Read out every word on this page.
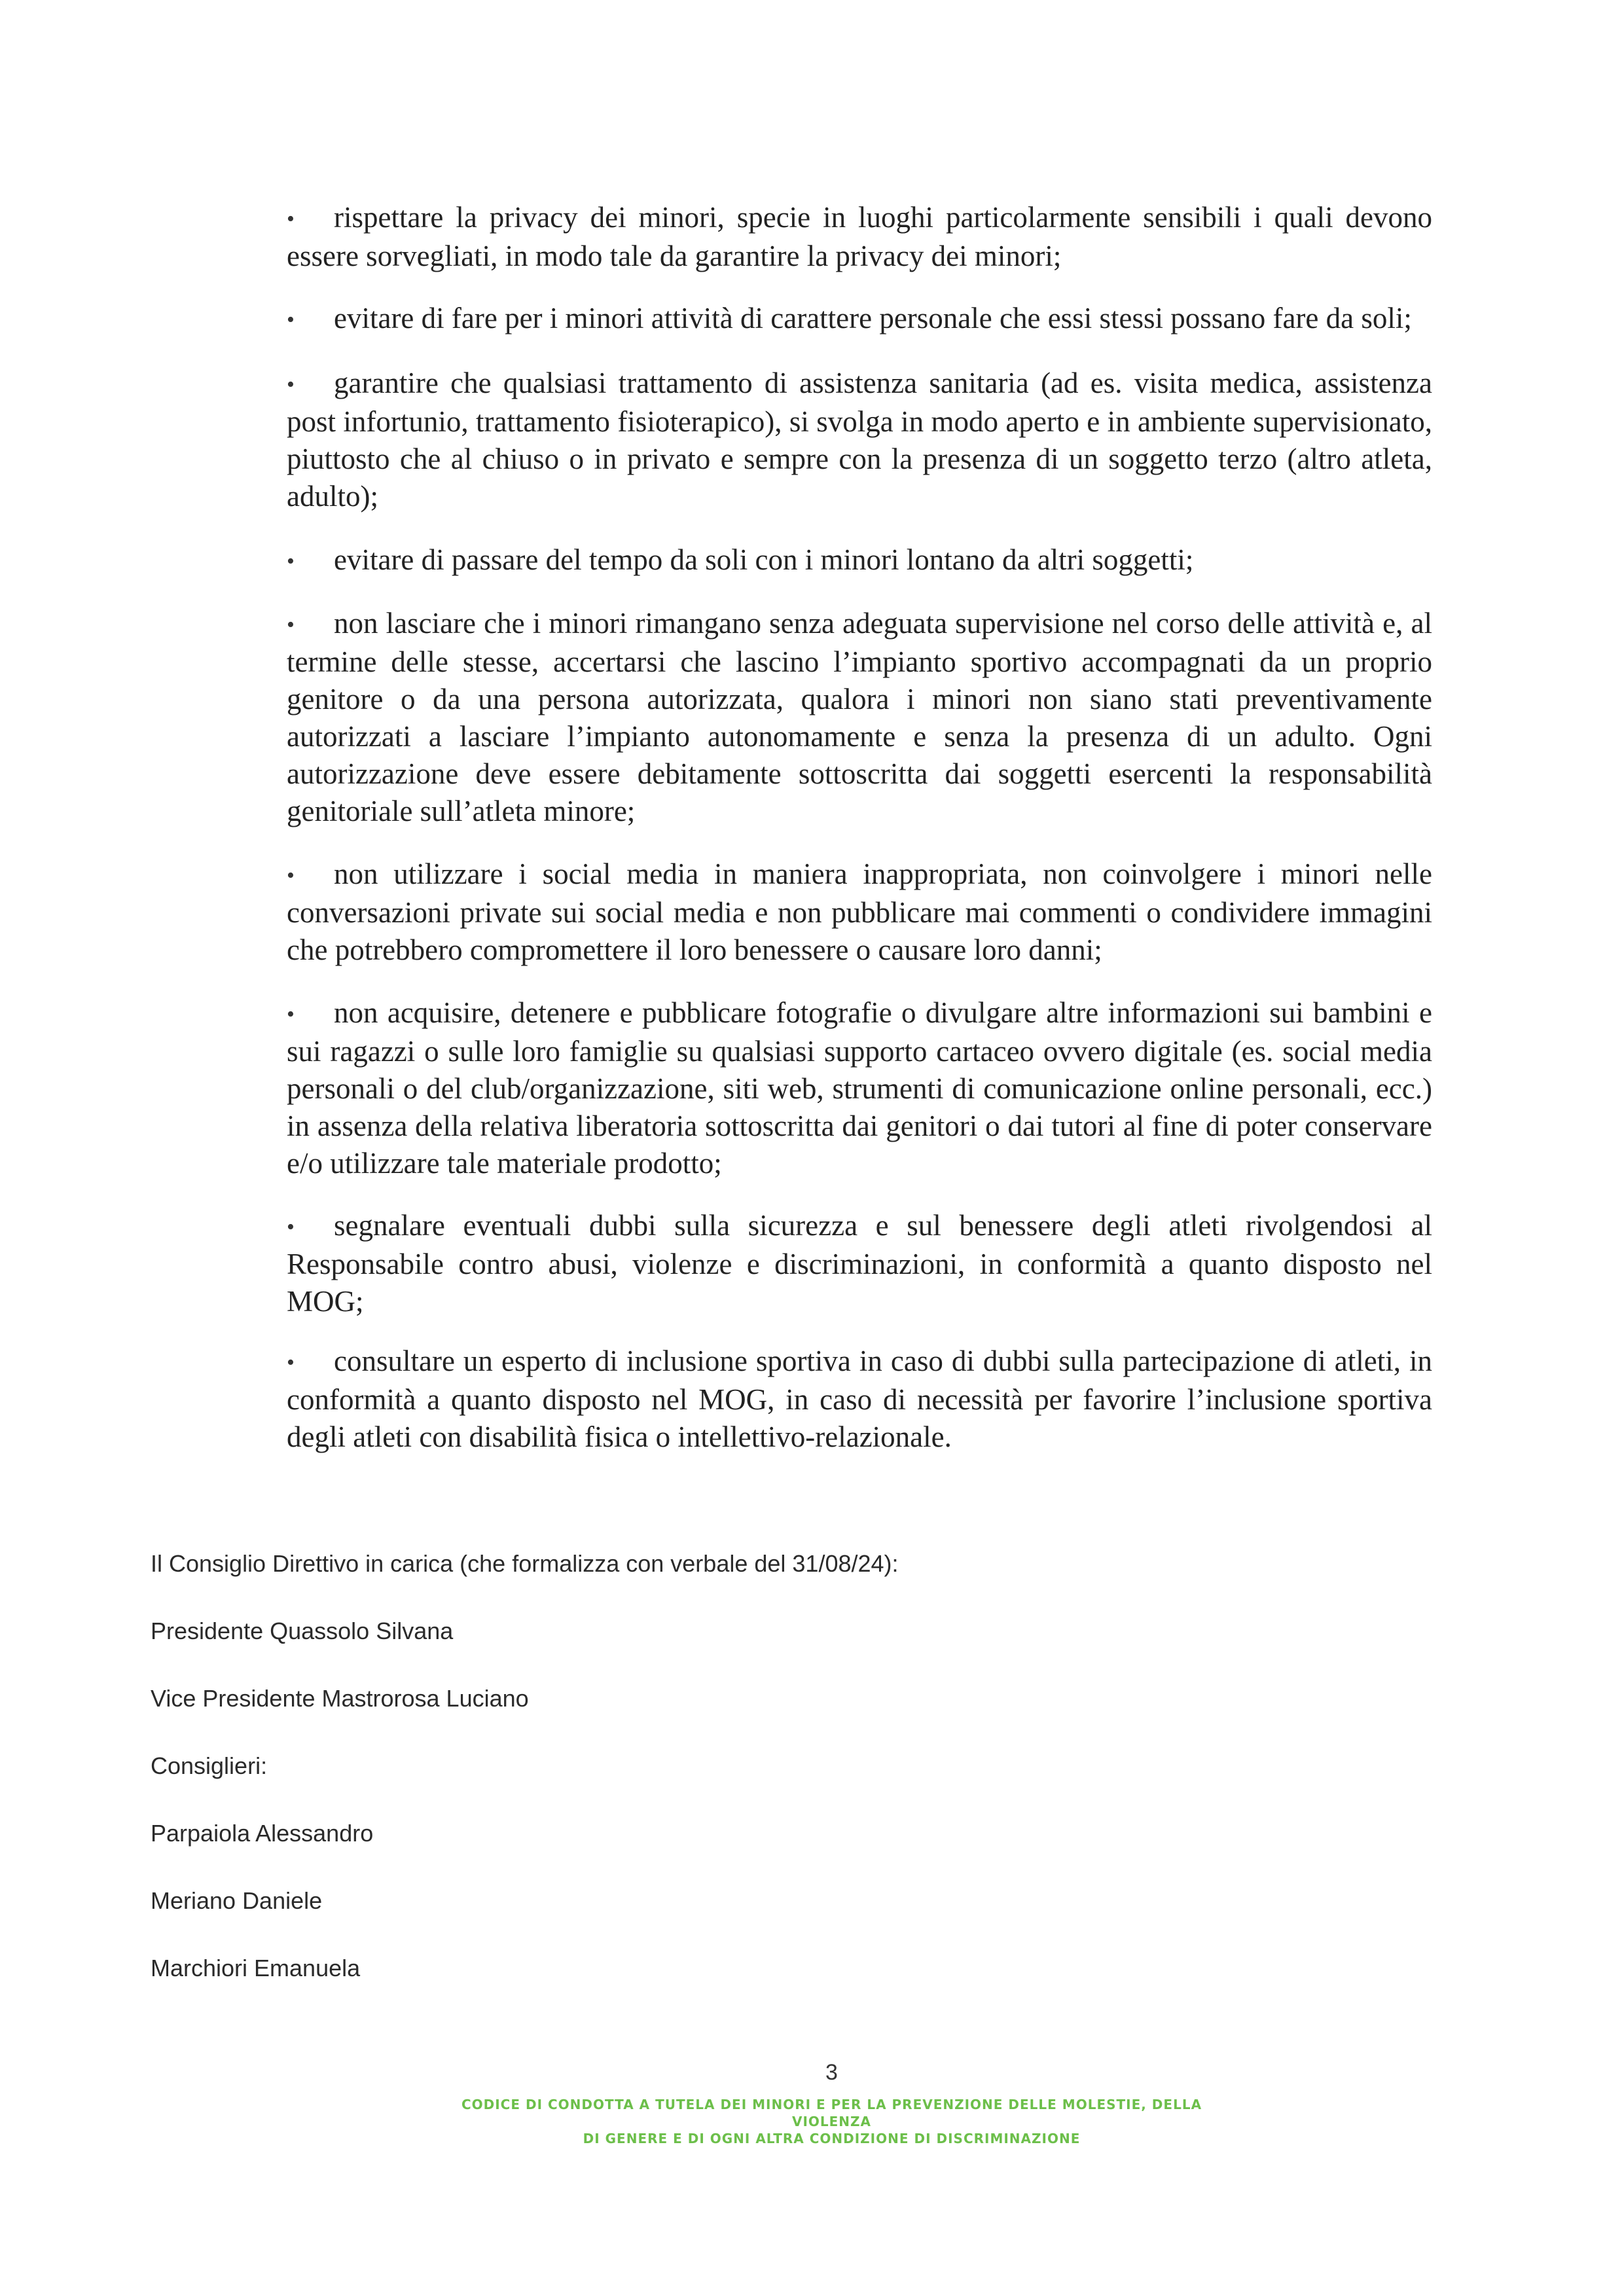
• rispettare la privacy dei minori, specie in luoghi particolarmente sensibili i quali devono essere sorvegliati, in modo tale da garantire la privacy dei minori;
• evitare di fare per i minori attività di carattere personale che essi stessi possano fare da soli;
• garantire che qualsiasi trattamento di assistenza sanitaria (ad es. visita medica, assistenza post infortunio, trattamento fisioterapico), si svolga in modo aperto e in ambiente supervisionato, piuttosto che al chiuso o in privato e sempre con la presenza di un soggetto terzo (altro atleta, adulto);
• evitare di passare del tempo da soli con i minori lontano da altri soggetti;
• non lasciare che i minori rimangano senza adeguata supervisione nel corso delle attività e, al termine delle stesse, accertarsi che lascino l’impianto sportivo accompagnati da un proprio genitore o da una persona autorizzata, qualora i minori non siano stati preventivamente autorizzati a lasciare l’impianto autonomamente e senza la presenza di un adulto. Ogni autorizzazione deve essere debitamente sottoscritta dai soggetti esercenti la responsabilità genitoriale sull’atleta minore;
• non utilizzare i social media in maniera inappropriata, non coinvolgere i minori nelle conversazioni private sui social media e non pubblicare mai commenti o condividere immagini che potrebbero compromettere il loro benessere o causare loro danni;
• non acquisire, detenere e pubblicare fotografie o divulgare altre informazioni sui bambini e sui ragazzi o sulle loro famiglie su qualsiasi supporto cartaceo ovvero digitale (es. social media personali o del club/organizzazione, siti web, strumenti di comunicazione online personali, ecc.) in assenza della relativa liberatoria sottoscritta dai genitori o dai tutori al fine di poter conservare e/o utilizzare tale materiale prodotto;
• segnalare eventuali dubbi sulla sicurezza e sul benessere degli atleti rivolgendosi al Responsabile contro abusi, violenze e discriminazioni, in conformità a quanto disposto nel MOG;
• consultare un esperto di inclusione sportiva in caso di dubbi sulla partecipazione di atleti, in conformità a quanto disposto nel MOG, in caso di necessità per favorire l’inclusione sportiva degli atleti con disabilità fisica o intellettivo-relazionale.
Il Consiglio Direttivo in carica (che formalizza con verbale del 31/08/24):
Presidente Quassolo Silvana
Vice Presidente Mastrorosa Luciano
Consiglieri:
Parpaiola Alessandro
Meriano Daniele
Marchiori Emanuela
3
CODICE DI CONDOTTA A TUTELA DEI MINORI E PER LA PREVENZIONE DELLE MOLESTIE, DELLA VIOLENZA
DI GENERE E DI OGNI ALTRA CONDIZIONE DI DISCRIMINAZIONE
